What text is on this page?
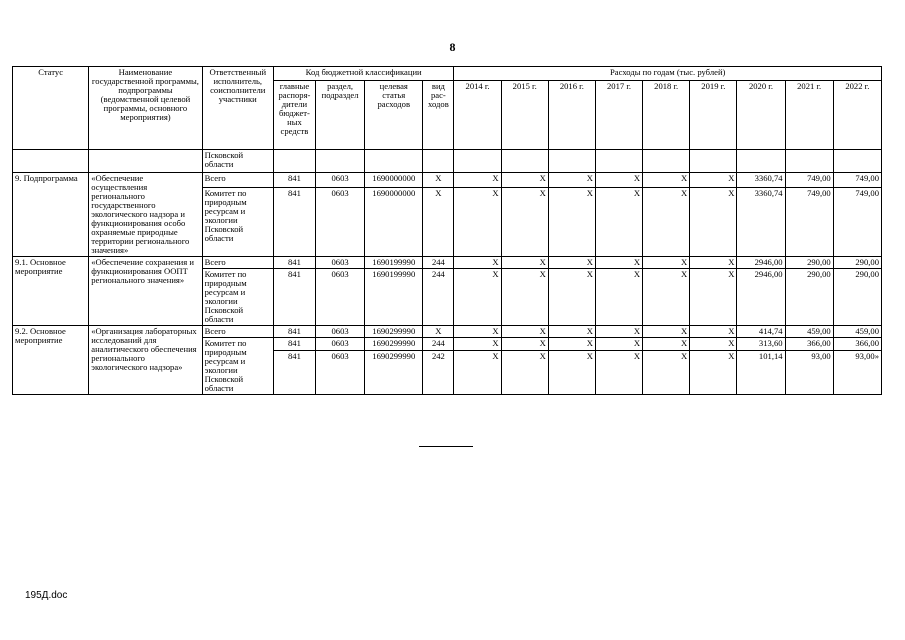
8
Статус	Наименование государственной программы, подпрограммы (ведомственной целевой программы, основного мероприятия)	Ответственный исполнитель, соисполнители участники	Код бюджетной классификации				Расходы по годам (тыс. рублей)								
			главные распоря-дители бюджет-ных средств	раздел, подраздел	целевая статья расходов	вид рас-ходов	2014 г.	2015 г.	2016 г.	2017 г.	2018 г.	2019 г.	2020 г.	2021 г.	2022 г.
		Псковской области													
9. Подпрограмма	«Обеспечение осуществления регионального государственного экологического надзора и функционирования особо охраняемые природные территории регионального значения»	Всего	841	0603	1690000000	X	X	X	X	X	X	X	3360,74	749,00	749,00
		Комитет по природным ресурсам и экологии Псковской области	841	0603	1690000000	X	X	X	X	X	X	X	3360,74	749,00	749,00
9.1. Основное мероприятие	«Обеспечение сохранения и функционирования ООПТ регионального значения»	Всего	841	0603	1690199990	244	X	X	X	X	X	X	2946,00	290,00	290,00
		Комитет по природным ресурсам и экологии Псковской области	841	0603	1690199990	244	X	X	X	X	X	X	2946,00	290,00	290,00
9.2. Основное мероприятие	«Организация лабораторных исследований для аналитического обеспечения регионального экологического надзора»	Всего	841	0603	1690299990	X	X	X	X	X	X	X	414,74	459,00	459,00
		Комитет по природным ресурсам и экологии Псковской области	841	0603	1690299990	244	X	X	X	X	X	X	313,60	366,00	366,00
			841	0603	1690299990	242	X	X	X	X	X	X	101,14	93,00	93,00»
195Д.doc
